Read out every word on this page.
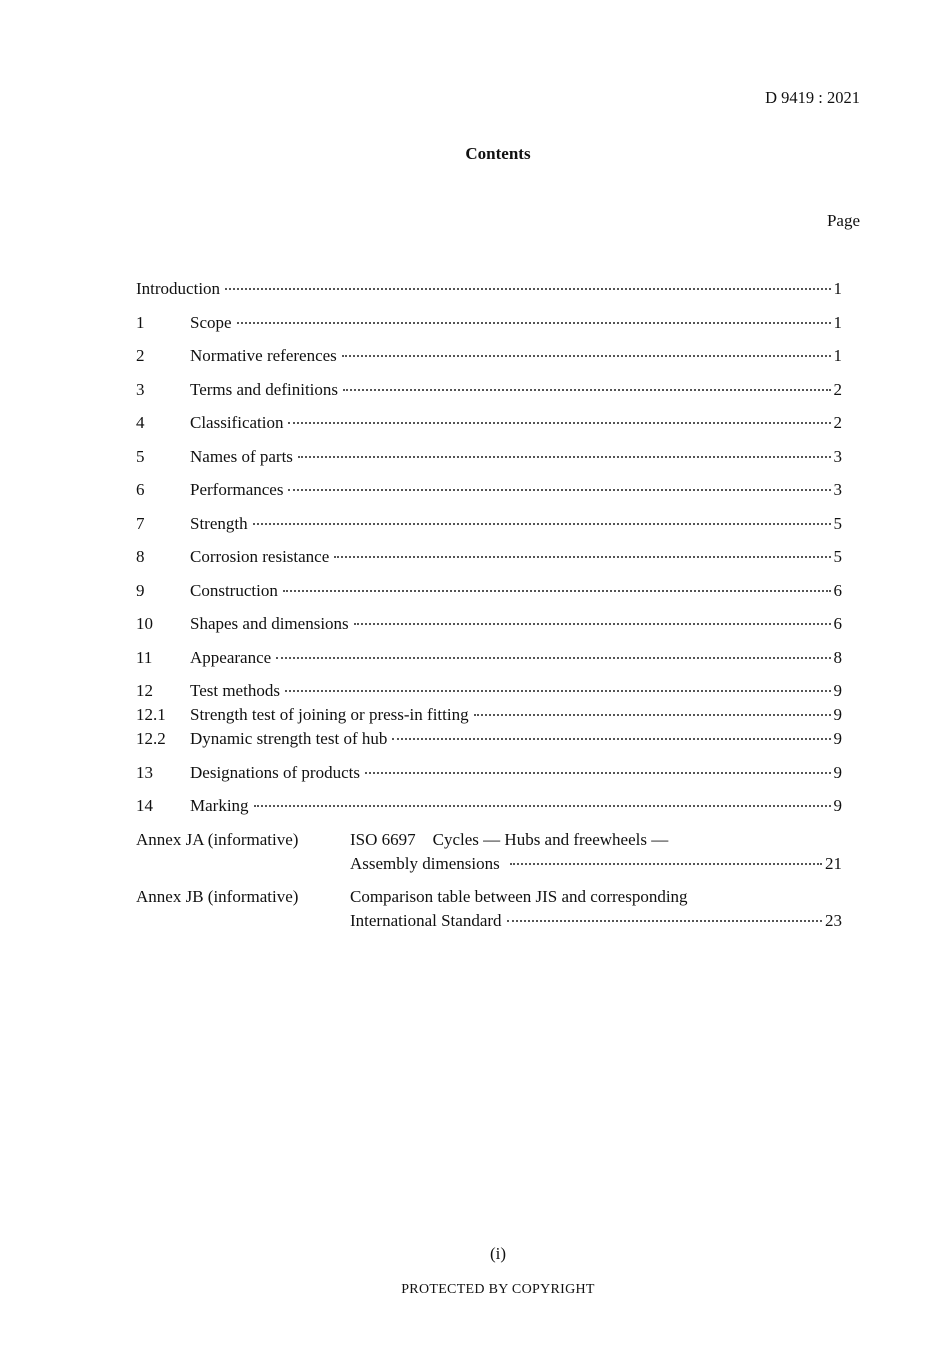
D 9419 : 2021
Contents
Page
Introduction	1
1	Scope	1
2	Normative references	1
3	Terms and definitions	2
4	Classification	2
5	Names of parts	3
6	Performances	3
7	Strength	5
8	Corrosion resistance	5
9	Construction	6
10	Shapes and dimensions	6
11	Appearance	8
12	Test methods	9
12.1	Strength test of joining or press-in fitting	9
12.2	Dynamic strength test of hub	9
13	Designations of products	9
14	Marking	9
Annex JA (informative)	ISO 6697 Cycles — Hubs and freewheels —
Assembly dimensions	21
Annex JB (informative)	Comparison table between JIS and corresponding
International Standard	23
(i)
PROTECTED BY COPYRIGHT
